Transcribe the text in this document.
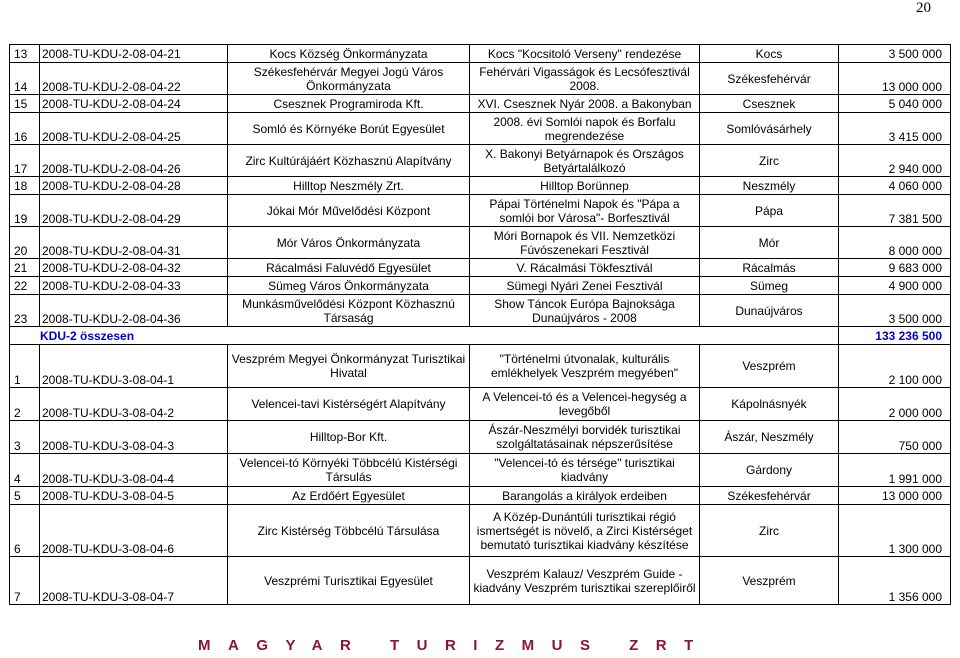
20
13	2008-TU-KDU-2-08-04-21	Kocs Község Önkormányzata	Kocs "Kocsitoló Verseny" rendezése	Kocs	3 500 000
14	2008-TU-KDU-2-08-04-22	Székesfehérvár Megyei Jogú Város Önkormányzata	Fehérvári Vigasságok és Lecsófesztivál 2008.	Székesfehérvár	13 000 000
15	2008-TU-KDU-2-08-04-24	Csesznek Programiroda Kft.	XVI. Csesznek Nyár 2008. a Bakonyban	Csesznek	5 040 000
16	2008-TU-KDU-2-08-04-25	Somló és Környéke Borút Egyesület	2008. évi Somlói napok és Borfalu megrendezése	Somlóvásárhely	3 415 000
17	2008-TU-KDU-2-08-04-26	Zirc Kultúrájáért Közhasznú Alapítvány	X. Bakonyi Betyárnapok és Országos Betyártalálkozó	Zirc	2 940 000
18	2008-TU-KDU-2-08-04-28	Hilltop Neszmély Zrt.	Hilltop Borünnep	Neszmély	4 060 000
19	2008-TU-KDU-2-08-04-29	Jókai Mór Művelődési Központ	Pápai Történelmi Napok és "Pápa a somlói bor Városa"- Borfesztivál	Pápa	7 381 500
20	2008-TU-KDU-2-08-04-31	Mór Város Önkormányzata	Móri Bornapok és VII. Nemzetközi Fúvószenekari Fesztivál	Mór	8 000 000
21	2008-TU-KDU-2-08-04-32	Rácalmási Faluvédő Egyesület	V. Rácalmási Tökfesztivál	Rácalmás	9 683 000
22	2008-TU-KDU-2-08-04-33	Sümeg Város Önkormányzata	Sümegi Nyári Zenei Fesztivál	Sümeg	4 900 000
23	2008-TU-KDU-2-08-04-36	Munkásművelődési Központ Közhasznú Társaság	Show Táncok Európa Bajnoksága Dunaújváros - 2008	Dunaújváros	3 500 000
KDU-2 összesen					133 236 500
1	2008-TU-KDU-3-08-04-1	Veszprém Megyei Önkormányzat Turisztikai Hivatal	"Történelmi útvonalak, kulturális emlékhelyek Veszprém megyében"	Veszprém	2 100 000
2	2008-TU-KDU-3-08-04-2	Velencei-tavi Kistérségért Alapítvány	A Velencei-tó és a Velencei-hegység a levegőből	Kápolnásnyék	2 000 000
3	2008-TU-KDU-3-08-04-3	Hilltop-Bor Kft.	Ászár-Neszmélyi borvidék turisztikai szolgáltatásainak népszerűsítése	Ászár, Neszmély	750 000
4	2008-TU-KDU-3-08-04-4	Velencei-tó Környéki Többcélú Kistérségi Társulás	"Velencei-tó és térsége" turisztikai kiadvány	Gárdony	1 991 000
5	2008-TU-KDU-3-08-04-5	Az Erdőért Egyesület	Barangolás a királyok erdeiben	Székesfehérvár	13 000 000
6	2008-TU-KDU-3-08-04-6	Zirc Kistérség Többcélú Társulása	A Közép-Dunántúli turisztikai régió ismertségét is növelő, a Zirci Kistérséget bemutató turisztikai kiadvány készítése	Zirc	1 300 000
7	2008-TU-KDU-3-08-04-7	Veszprémi Turisztikai Egyesület	Veszprém Kalauz/ Veszprém Guide - kiadvány Veszprém turisztikai szereplőiről	Veszprém	1 356 000
MAGYAR TURIZMUS ZRT
